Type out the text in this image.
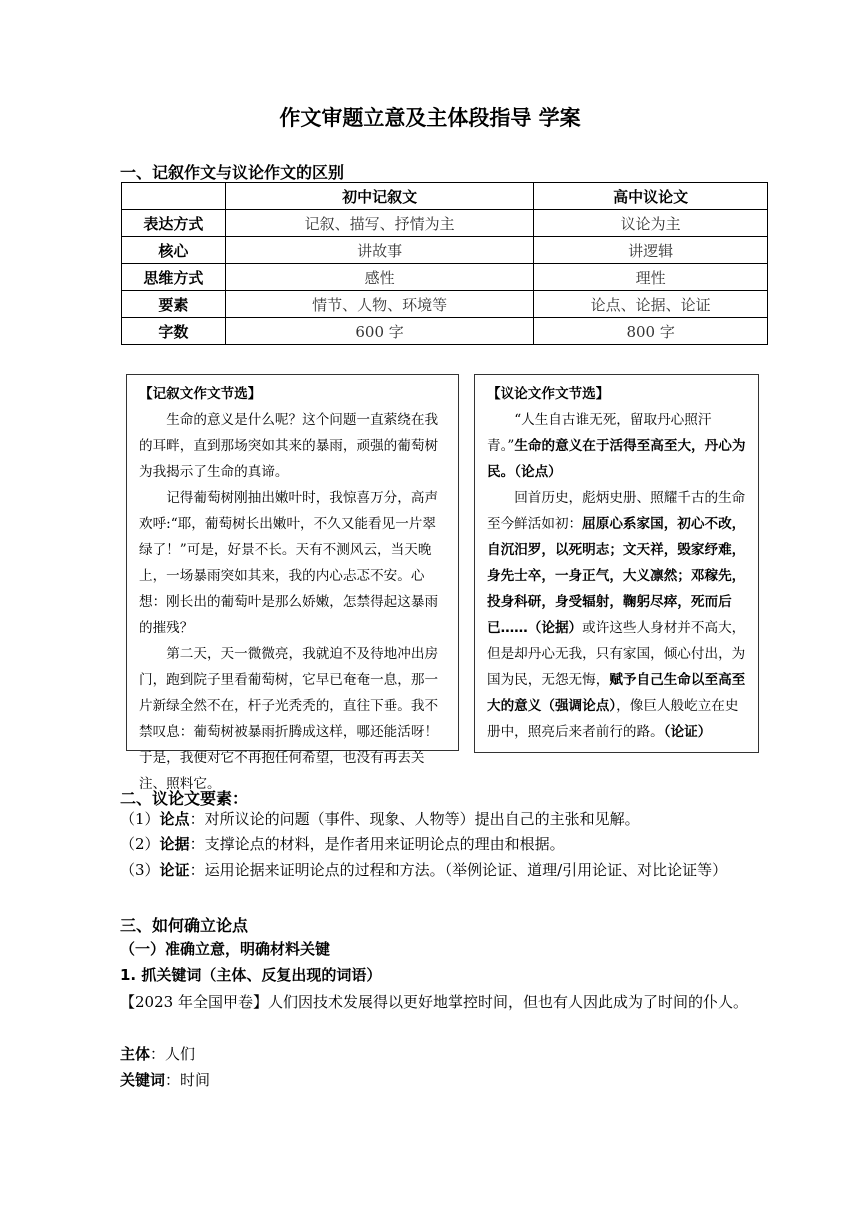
作文审题立意及主体段指导 学案
一、记叙作文与议论作文的区别
	初中记叙文	高中议论文
表达方式	记叙、描写、抒情为主	议论为主
核心	讲故事	讲逻辑
思维方式	感性	理性
要素	情节、人物、环境等	论点、论据、论证
字数	600 字	800 字
【记叙文作文节选】

生命的意义是什么呢？这个问题一直萦绕在我的耳畔，直到那场突如其来的暴雨，顽强的葡萄树为我揭示了生命的真谛。

记得葡萄树刚抽出嫩叶时，我惊喜万分，高声欢呼:“耶，葡萄树长出嫩叶，不久又能看见一片翠绿了！”可是，好景不长。天有不测风云，当天晚上，一场暴雨突如其来，我的内心忐忑不安。心想：刚长出的葡萄叶是那么娇嫩，怎禁得起这暴雨的摧残？

第二天，天一微微亮，我就迫不及待地冲出房门，跑到院子里看葡萄树，它早已奄奄一息，那一片新绿全然不在，杆子光秃秃的，直往下垂。我不禁叹息：葡萄树被暴雨折腾成这样，哪还能活呀！于是，我便对它不再抱任何希望，也没有再去关注、照料它。

【议论文作文节选】

“人生自古谁无死，留取丹心照汗青。”生命的意义在于活得至高至大，丹心为民。（论点）

回首历史，彪炳史册、照耀千古的生命至今鲜活如初：屈原心系家国，初心不改，自沉汨罗，以死明志；文天祥，毁家纾难，身先士卒，一身正气，大义凛然；邓稼先，投身科研，身受辐射，鞠躬尽瘁，死而后已……（论据）或许这些人身材并不高大，但是却丹心无我，只有家国，倾心付出，为国为民，无怨无悔，赋予自己生命以至高至大的意义（强调论点），像巨人般屹立在史册中，照亮后来者前行的路。（论证）

二、议论文要素：
（1）论点：对所议论的问题（事件、现象、人物等）提出自己的主张和见解。
（2）论据：支撑论点的材料，是作者用来证明论点的理由和根据。
（3）论证：运用论据来证明论点的过程和方法。（举例论证、道理/引用论证、对比论证等）
三、如何确立论点
（一）准确立意，明确材料关键
1. 抓关键词（主体、反复出现的词语）
【2023 年全国甲卷】人们因技术发展得以更好地掌控时间，但也有人因此成为了时间的仆人。
主体：人们
关键词：时间
